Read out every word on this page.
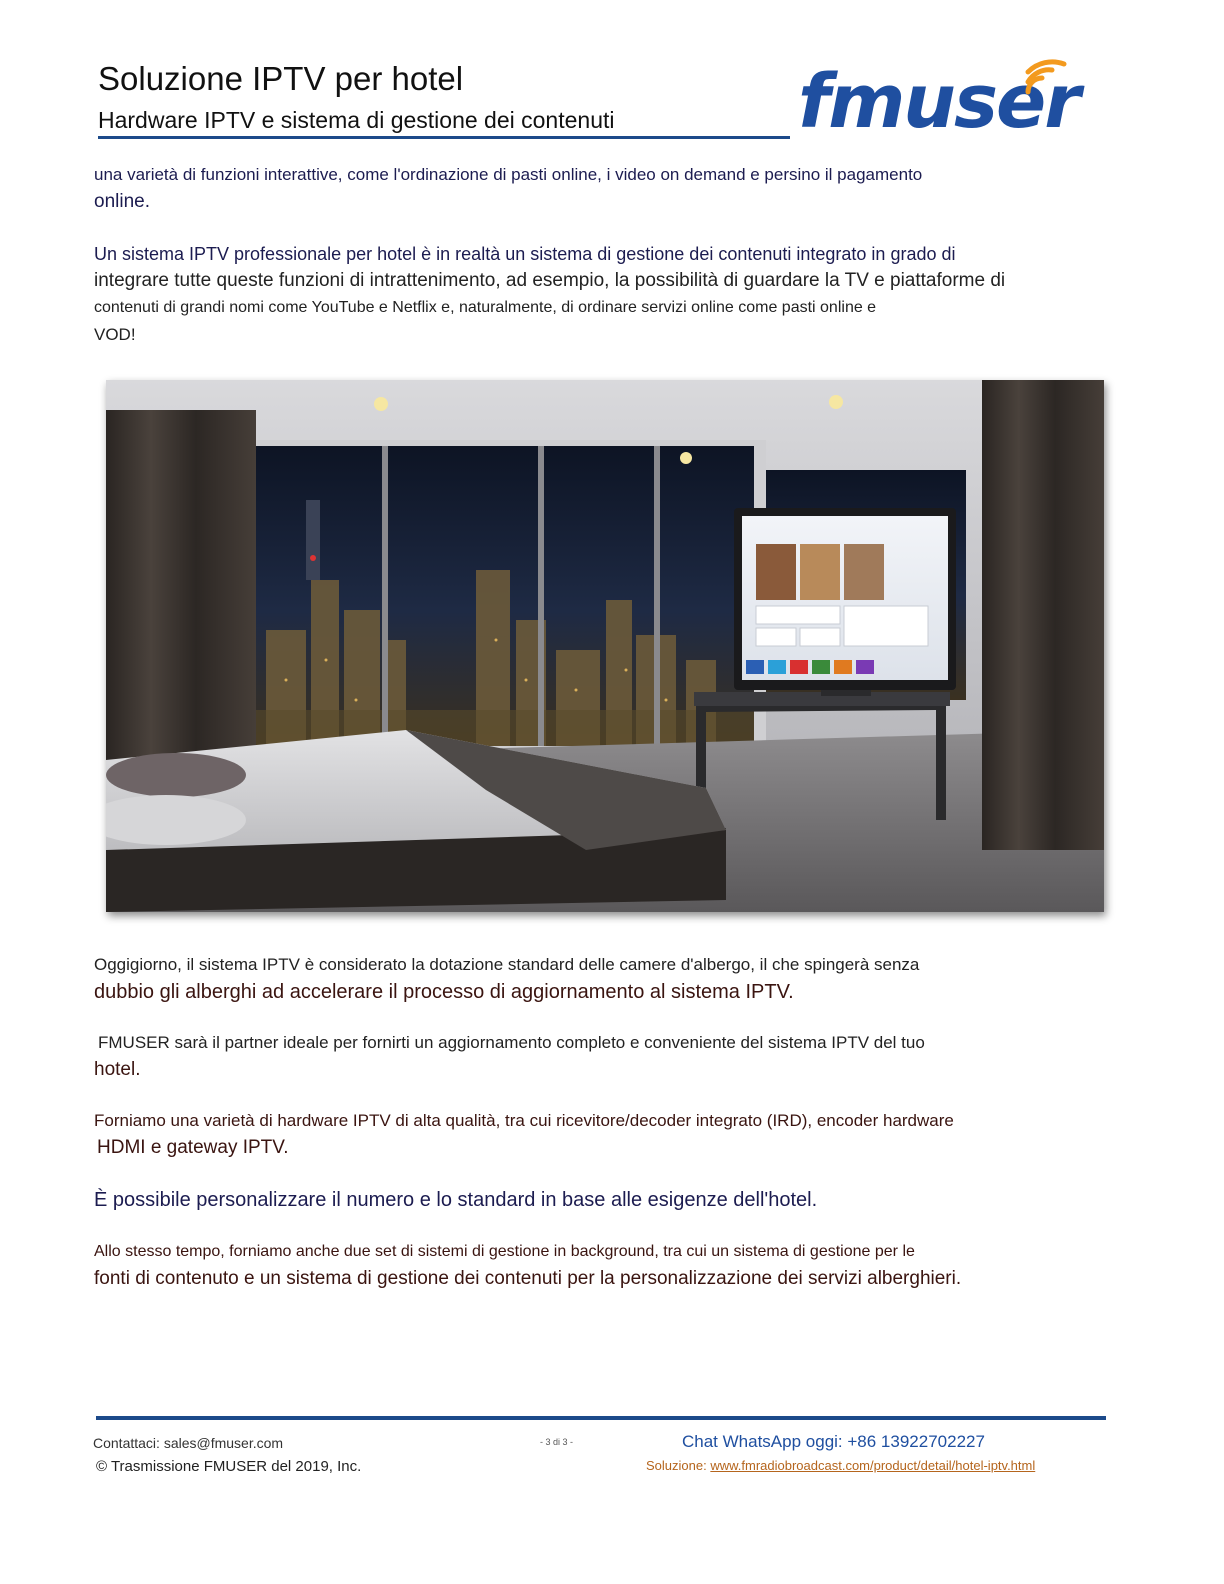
Soluzione IPTV per hotel
Hardware IPTV e sistema di gestione dei contenuti fmuser
una varietà di funzioni interattive, come l'ordinazione di pasti online, i video on demand e persino il pagamento
online.
Un sistema IPTV professionale per hotel è in realtà un sistema di gestione dei contenuti integrato in grado di
integrare tutte queste funzioni di intrattenimento, ad esempio, la possibilità di guardare la TV e piattaforme di
contenuti di grandi nomi come YouTube e Netflix e, naturalmente, di ordinare servizi online come pasti online e
VOD!
Oggigiorno, il sistema IPTV è considerato la dotazione standard delle camere d'albergo, il che spingerà senza
dubbio gli alberghi ad accelerare il processo di aggiornamento al sistema IPTV.
FMUSER sarà il partner ideale per fornirti un aggiornamento completo e conveniente del sistema IPTV del tuo
hotel.
Forniamo una varietà di hardware IPTV di alta qualità, tra cui ricevitore/decoder integrato (IRD), encoder hardware
HDMI e gateway IPTV.
È possibile personalizzare il numero e lo standard in base alle esigenze dell'hotel.
Allo stesso tempo, forniamo anche due set di sistemi di gestione in background, tra cui un sistema di gestione per le
fonti di contenuto e un sistema di gestione dei contenuti per la personalizzazione dei servizi alberghieri.
Contattaci: sales@fmuser.com
© Trasmissione FMUSER del 2019, Inc.
- 3 di 3 -	Chat WhatsApp oggi: +86 13922702227
Soluzione: www.fmradiobroadcast.com/product/detail/hotel-iptv.html
